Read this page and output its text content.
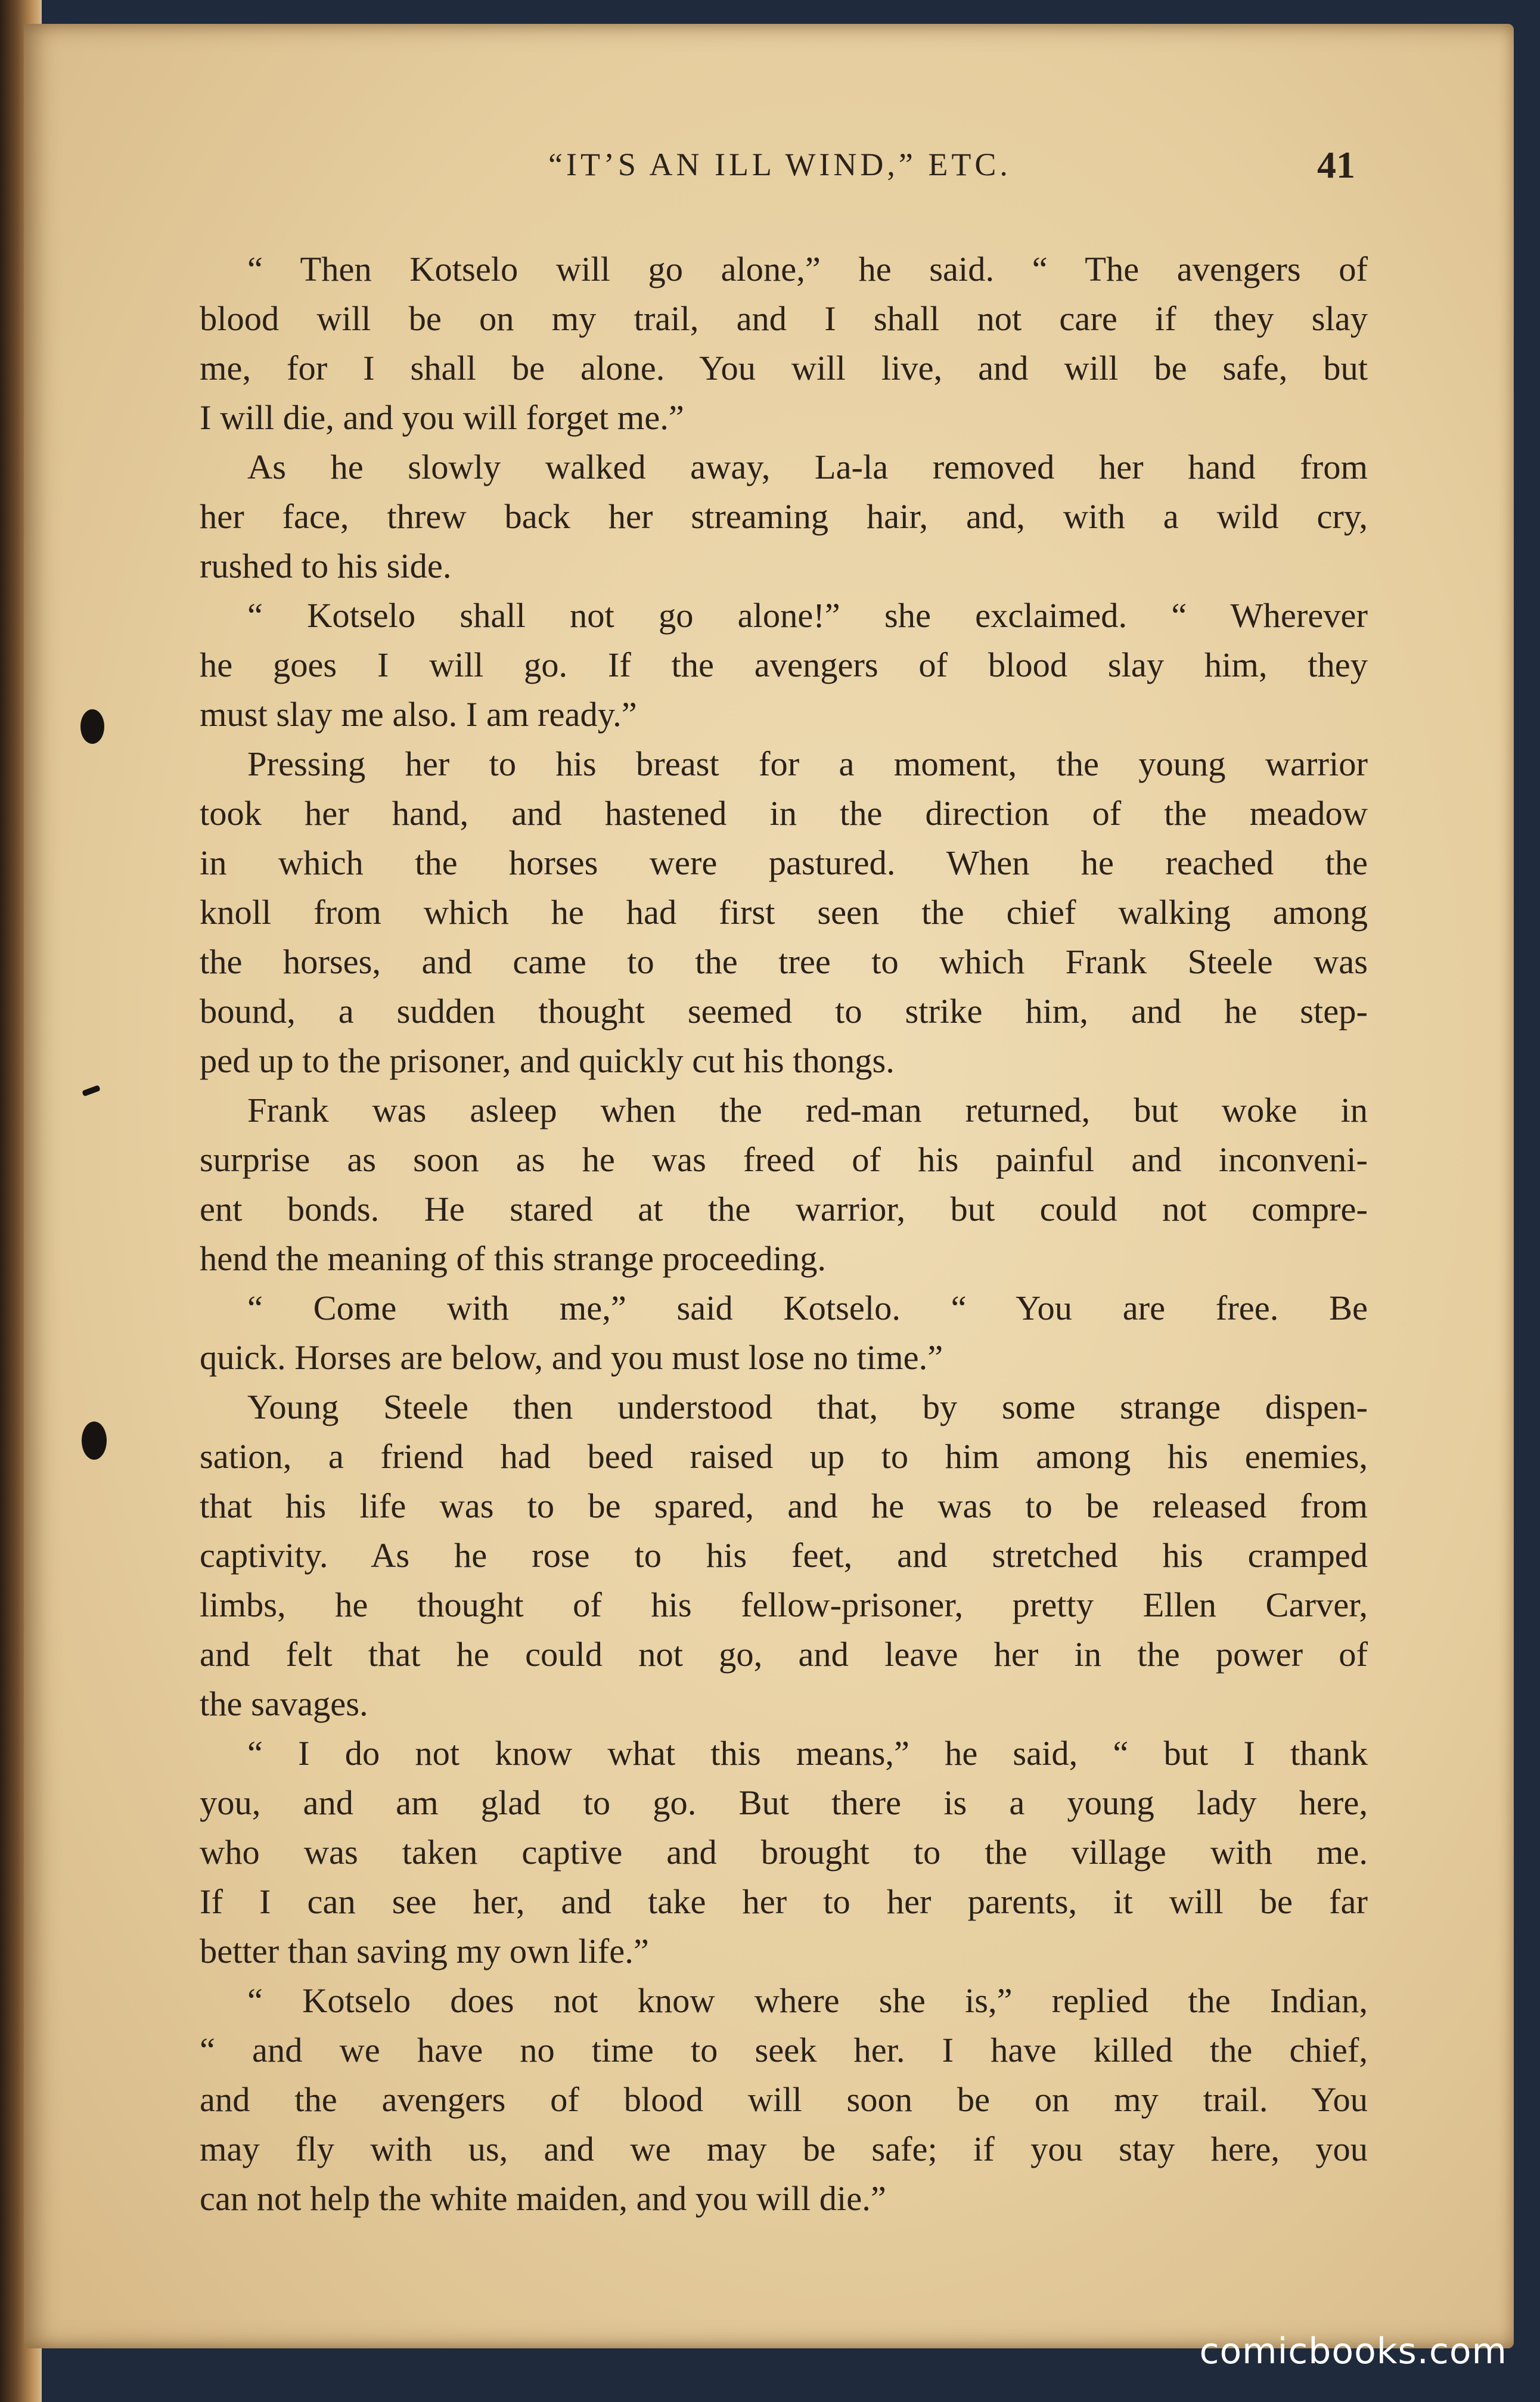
“IT’S AN ILL WIND,” ETC.	41
“ Then Kotselo will go alone,” he said. “ The avengers of
blood will be on my trail, and I shall not care if they slay
me, for I shall be alone. You will live, and will be safe, but
I will die, and you will forget me.”
As he slowly walked away, La-la removed her hand from
her face, threw back her streaming hair, and, with a wild cry,
rushed to his side.
“ Kotselo shall not go alone!” she exclaimed. “ Wherever
he goes I will go. If the avengers of blood slay him, they
must slay me also. I am ready.”
Pressing her to his breast for a moment, the young warrior
took her hand, and hastened in the direction of the meadow
in which the horses were pastured. When he reached the
knoll from which he had first seen the chief walking among
the horses, and came to the tree to which Frank Steele was
bound, a sudden thought seemed to strike him, and he step-
ped up to the prisoner, and quickly cut his thongs.
Frank was asleep when the red-man returned, but woke in
surprise as soon as he was freed of his painful and inconveni-
ent bonds. He stared at the warrior, but could not compre-
hend the meaning of this strange proceeding.
“ Come with me,” said Kotselo. “ You are free. Be
quick. Horses are below, and you must lose no time.”
Young Steele then understood that, by some strange dispen-
sation, a friend had beed raised up to him among his enemies,
that his life was to be spared, and he was to be released from
captivity. As he rose to his feet, and stretched his cramped
limbs, he thought of his fellow-prisoner, pretty Ellen Carver,
and felt that he could not go, and leave her in the power of
the savages.
“ I do not know what this means,” he said, “ but I thank
you, and am glad to go. But there is a young lady here,
who was taken captive and brought to the village with me.
If I can see her, and take her to her parents, it will be far
better than saving my own life.”
“ Kotselo does not know where she is,” replied the Indian,
“ and we have no time to seek her. I have killed the chief,
and the avengers of blood will soon be on my trail. You
may fly with us, and we may be safe; if you stay here, you
can not help the white maiden, and you will die.”
comicbooks.com
